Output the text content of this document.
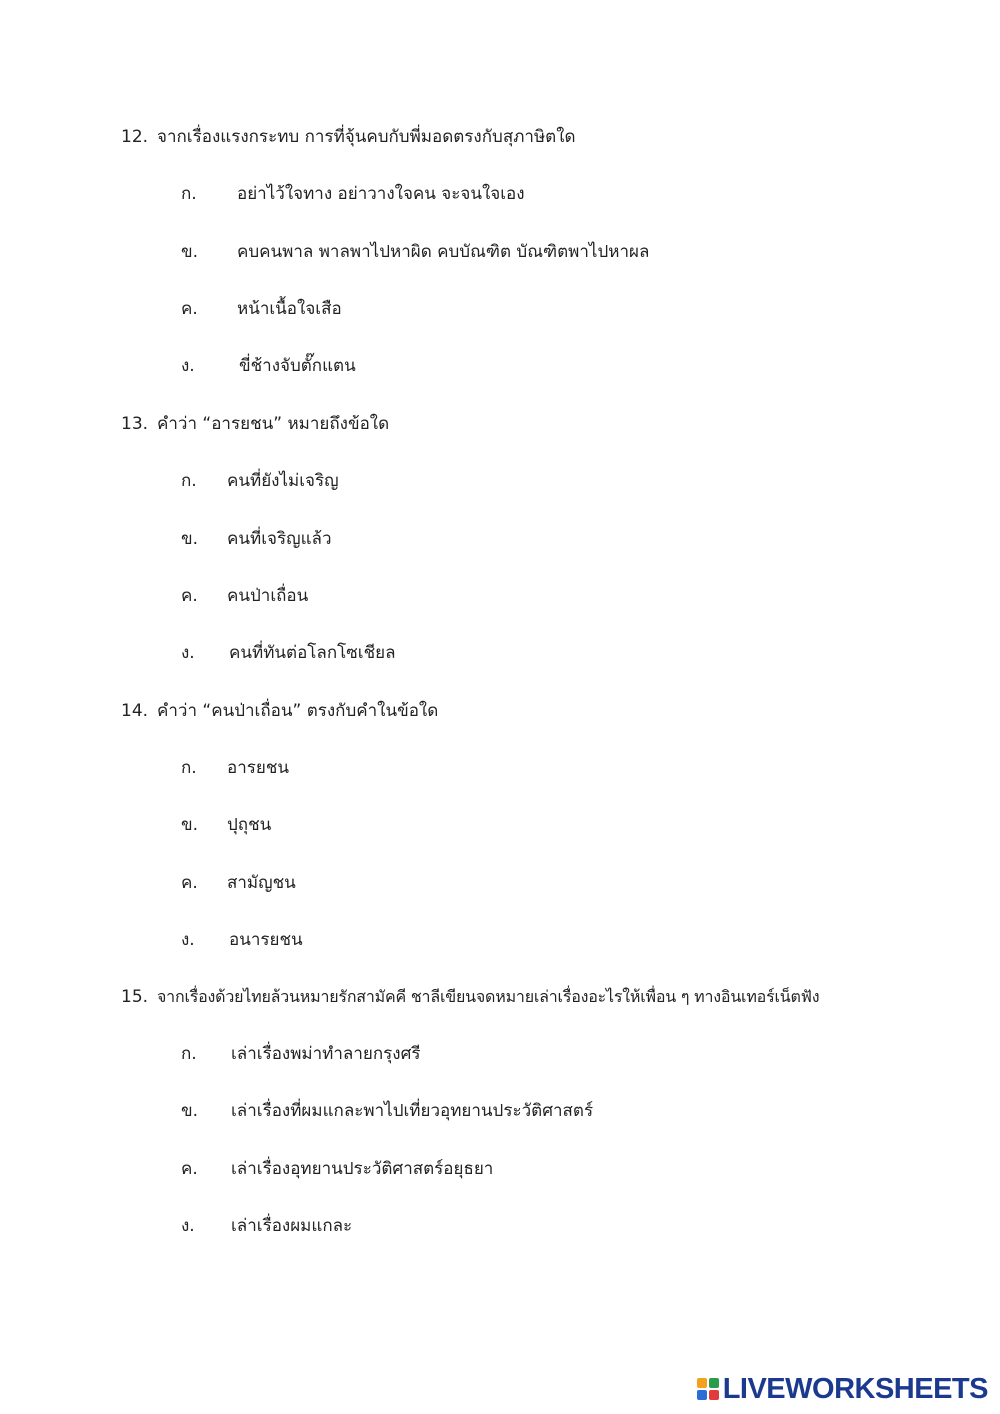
12. จากเรื่องแรงกระทบ การที่จุ้นคบกับพี่มอดตรงกับสุภาษิตใด
ก. อย่าไว้ใจทาง อย่าวางใจคน จะจนใจเอง
ข. คบคนพาล พาลพาไปหาผิด คบบัณฑิต บัณฑิตพาไปหาผล
ค. หน้าเนื้อใจเสือ
ง.	ขี่ช้างจับตั๊กแตน
13. คำว่า “อารยชน” หมายถึงข้อใด
ก. คนที่ยังไม่เจริญ
ข. คนที่เจริญแล้ว
ค. คนป่าเถื่อน
ง. คนที่ทันต่อโลกโซเชียล
14. คำว่า “คนป่าเถื่อน” ตรงกับคำในข้อใด
ก. อารยชน
ข. ปุถุชน
ค. สามัญชน
ง. อนารยชน
15. จากเรื่องด้วยไทยล้วนหมายรักสามัคคี ชาลีเขียนจดหมายเล่าเรื่องอะไรให้เพื่อน ๆ ทางอินเทอร์เน็ตฟัง
ก. เล่าเรื่องพม่าทำลายกรุงศรี
ข. เล่าเรื่องที่ผมแกละพาไปเที่ยวอุทยานประวัติศาสตร์
ค. เล่าเรื่องอุทยานประวัติศาสตร์อยุธยา
ง. เล่าเรื่องผมแกละ
LIVEWORKSHEETS
